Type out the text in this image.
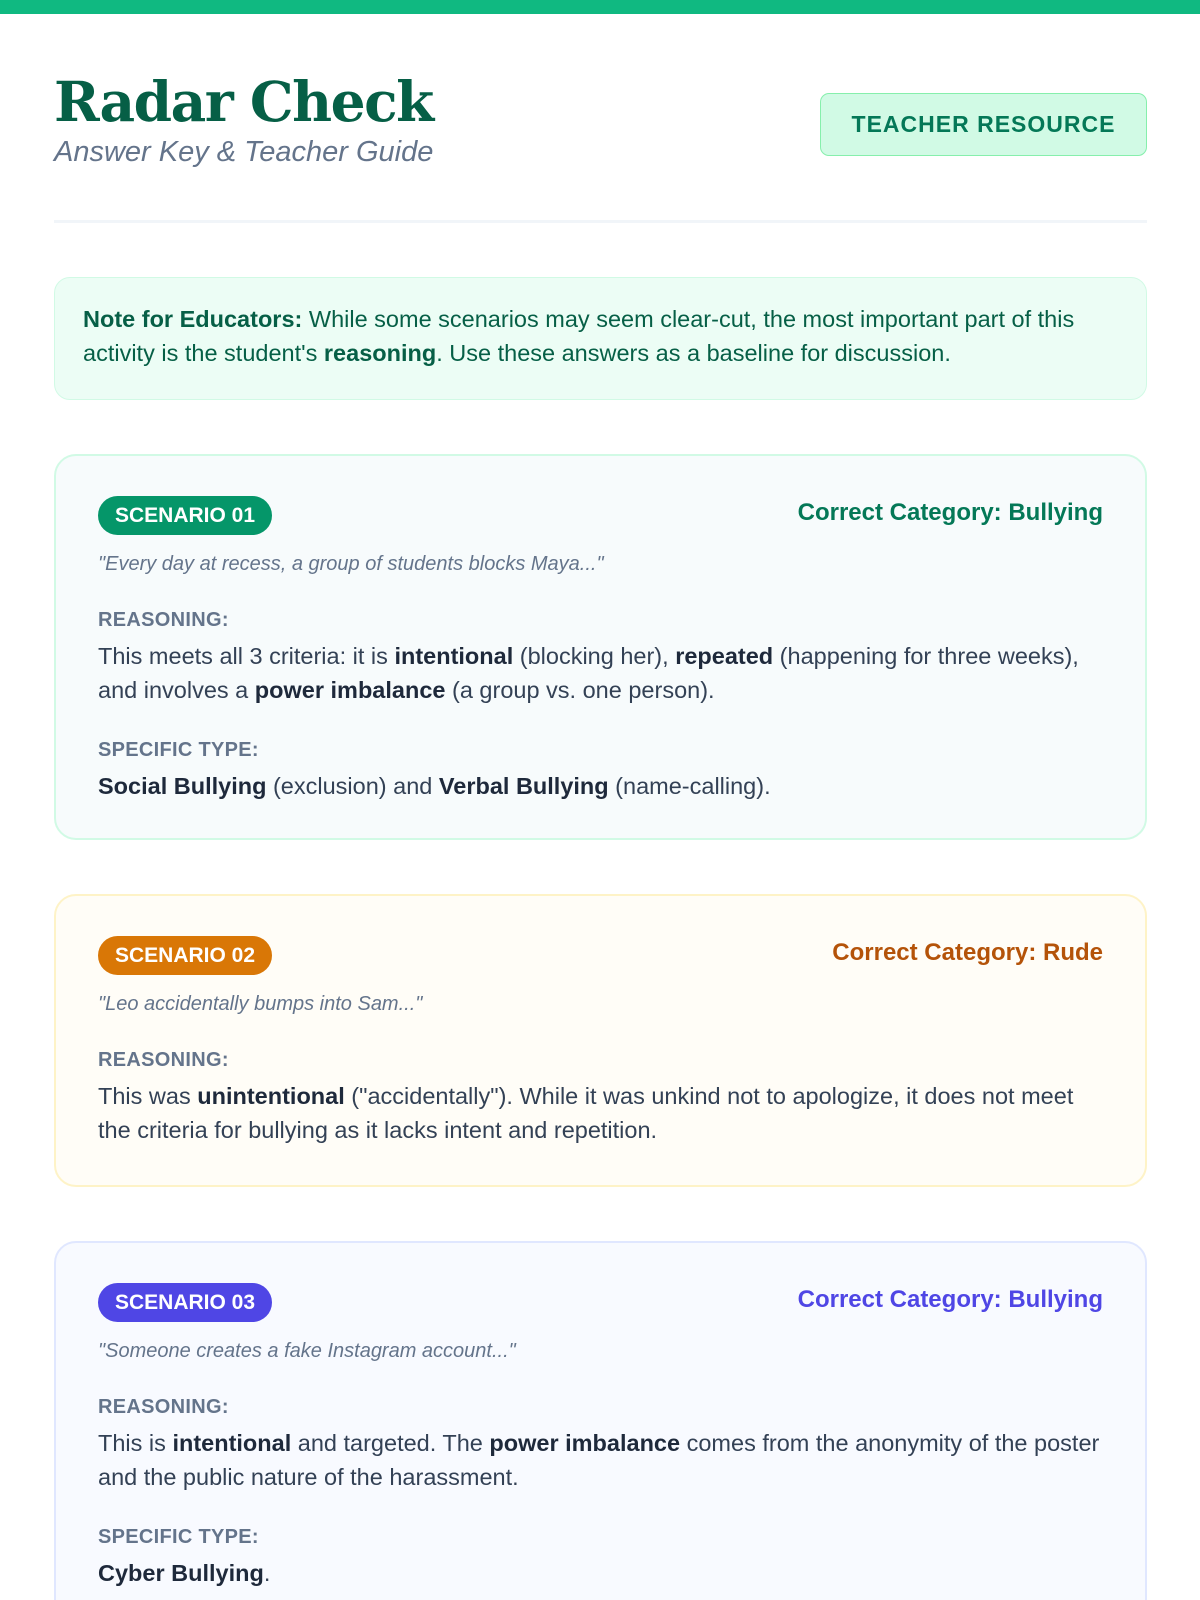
Radar Check
Answer Key & Teacher Guide
TEACHER RESOURCE
Note for Educators: While some scenarios may seem clear-cut, the most important part of this activity is the student's reasoning. Use these answers as a baseline for discussion.
SCENARIO 01	Correct Category: Bullying
"Every day at recess, a group of students blocks Maya..."
REASONING:
This meets all 3 criteria: it is intentional (blocking her), repeated (happening for three weeks), and involves a power imbalance (a group vs. one person).
SPECIFIC TYPE:
Social Bullying (exclusion) and Verbal Bullying (name-calling).
SCENARIO 02	Correct Category: Rude
"Leo accidentally bumps into Sam..."
REASONING:
This was unintentional ("accidentally"). While it was unkind not to apologize, it does not meet the criteria for bullying as it lacks intent and repetition.
SCENARIO 03	Correct Category: Bullying
"Someone creates a fake Instagram account..."
REASONING:
This is intentional and targeted. The power imbalance comes from the anonymity of the poster and the public nature of the harassment.
SPECIFIC TYPE:
Cyber Bullying.
